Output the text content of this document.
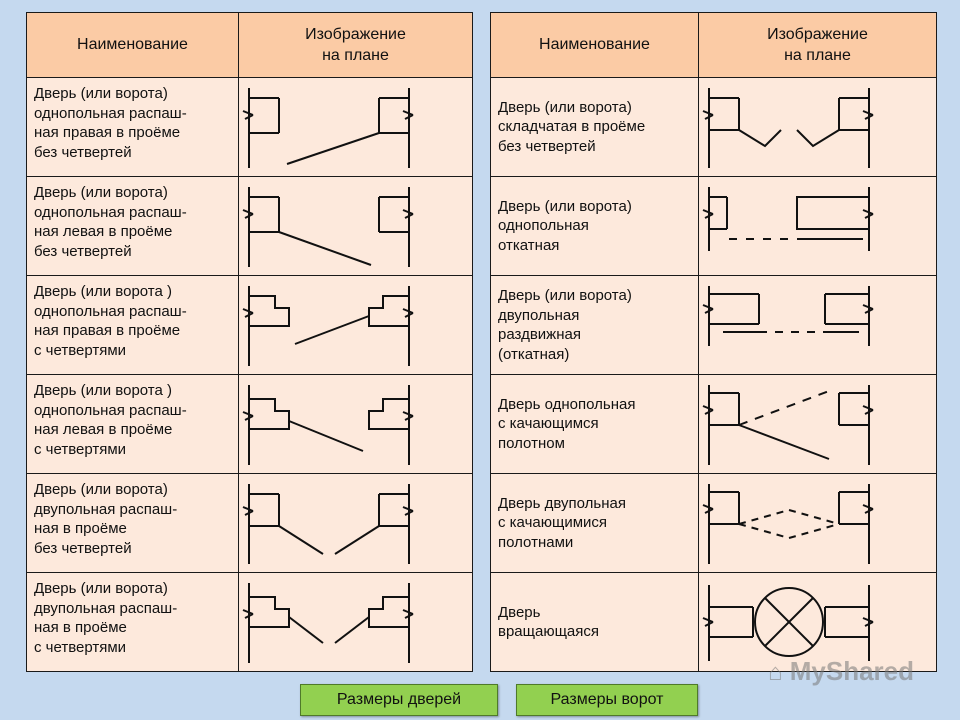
Наименование	Изображение
на плане

Дверь (или ворота)
однопольная распаш-
ная правая в проёме
без четвертей	

Дверь (или ворота)
однопольная распаш-
ная левая в проёме
без четвертей	

Дверь (или ворота )
однопольная распаш-
ная правая в проёме
с четвертями	

Дверь (или ворота )
однопольная распаш-
ная левая в проёме
с четвертями	

Дверь (или ворота)
двупольная распаш-
ная в проёме
без четвертей	

Дверь (или ворота)
двупольная распаш-
ная в проёме
с четвертями	
Наименование	Изображение
на плане

Дверь (или ворота)
складчатая в проёме
без четвертей	

Дверь (или ворота)
однопольная
откатная	

Дверь (или ворота)
двупольная
раздвижная
(откатная)	

Дверь однопольная
с качающимся
полотном	

Дверь двупольная
с качающимися
полотнами	

Дверь
вращающаяся	
⌂ MyShared
Размеры дверей	Размеры ворот
